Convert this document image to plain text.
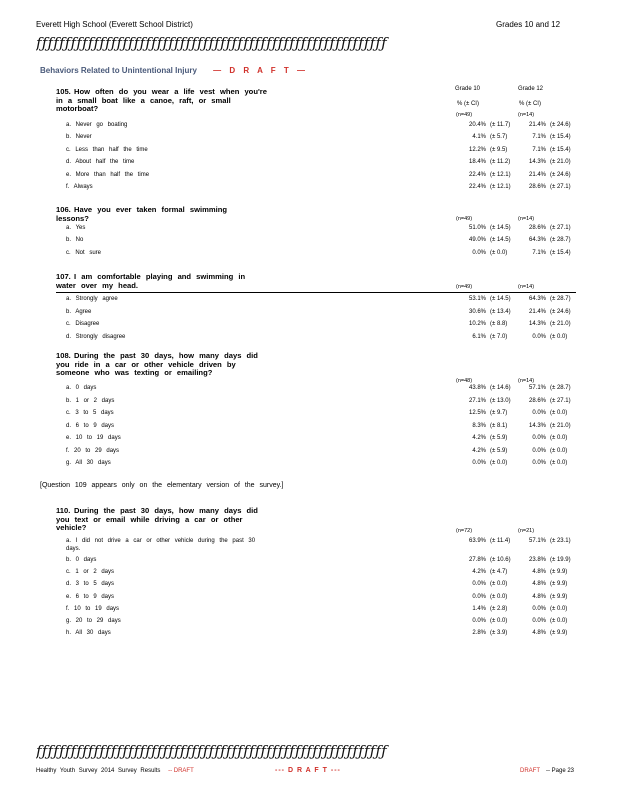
Everett High School (Everett School District)	Grades 10 and 12
ƒƒƒƒƒƒƒƒƒƒƒƒƒƒƒƒƒƒƒƒƒƒƒƒƒƒƒƒƒƒƒƒƒƒƒƒƒƒƒƒƒƒƒƒƒƒƒƒƒƒƒƒƒƒƒƒƒƒƒƒƒ
Behaviors Related to Unintentional Injury — D R A F T —
Grade 10	Grade 12
% (± CI)	% (± CI)
105. How often do you wear a life vest when you're in a small boat like a canoe, raft, or small motorboat?
(n=49)	(n=14)
a. Never go boating	20.4% (± 11.7)	21.4% (± 24.6)
b. Never	4.1% (± 5.7)	7.1% (± 15.4)
c. Less than half the time	12.2% (± 9.5)	7.1% (± 15.4)
d. About half the time	18.4% (± 11.2)	14.3% (± 21.0)
e. More than half the time	22.4% (± 12.1)	21.4% (± 24.6)
f. Always	22.4% (± 12.1)	28.6% (± 27.1)
106. Have you ever taken formal swimming lessons?	(n=49)	(n=14)
a. Yes	51.0% (± 14.5)	28.6% (± 27.1)
b. No	49.0% (± 14.5)	64.3% (± 28.7)
c. Not sure	0.0% (± 0.0)	7.1% (± 15.4)
107. I am comfortable playing and swimming in water over my head.	(n=49)	(n=14)
a. Strongly agree	53.1% (± 14.5)	64.3% (± 28.7)
b. Agree	30.6% (± 13.4)	21.4% (± 24.6)
c. Disagree	10.2% (± 8.8)	14.3% (± 21.0)
d. Strongly disagree	6.1% (± 7.0)	0.0% (± 0.0)
108. During the past 30 days, how many days did you ride in a car or other vehicle driven by someone who was texting or emailing?
(n=48)	(n=14)
a. 0 days	43.8% (± 14.6)	57.1% (± 28.7)
b. 1 or 2 days	27.1% (± 13.0)	28.6% (± 27.1)
c. 3 to 5 days	12.5% (± 9.7)	0.0% (± 0.0)
d. 6 to 9 days	8.3% (± 8.1)	14.3% (± 21.0)
e. 10 to 19 days	4.2% (± 5.9)	0.0% (± 0.0)
f. 20 to 29 days	4.2% (± 5.9)	0.0% (± 0.0)
g. All 30 days	0.0% (± 0.0)	0.0% (± 0.0)
[Question 109 appears only on the elementary version of the survey.]
110. During the past 30 days, how many days did you text or email while driving a car or other vehicle?	(n=72)	(n=21)
a. I did not drive a car or other vehicle during the past 30	63.9% (± 11.4)	57.1% (± 23.1)
days.
b. 0 days	27.8% (± 10.6)	23.8% (± 19.9)
c. 1 or 2 days	4.2% (± 4.7)	4.8% (± 9.9)
d. 3 to 5 days	0.0% (± 0.0)	4.8% (± 9.9)
e. 6 to 9 days	0.0% (± 0.0)	4.8% (± 9.9)
f. 10 to 19 days	1.4% (± 2.8)	0.0% (± 0.0)
g. 20 to 29 days	0.0% (± 0.0)	0.0% (± 0.0)
h. All 30 days	2.8% (± 3.9)	4.8% (± 9.9)
ƒƒƒƒƒƒƒƒƒƒƒƒƒƒƒƒƒƒƒƒƒƒƒƒƒƒƒƒƒƒƒƒƒƒƒƒƒƒƒƒƒƒƒƒƒƒƒƒƒƒƒƒƒƒƒƒƒƒƒƒƒ
Healthy Youth Survey 2014 Survey Results -- DRAFT	--- D R A F T ---	DRAFT -- Page 23
